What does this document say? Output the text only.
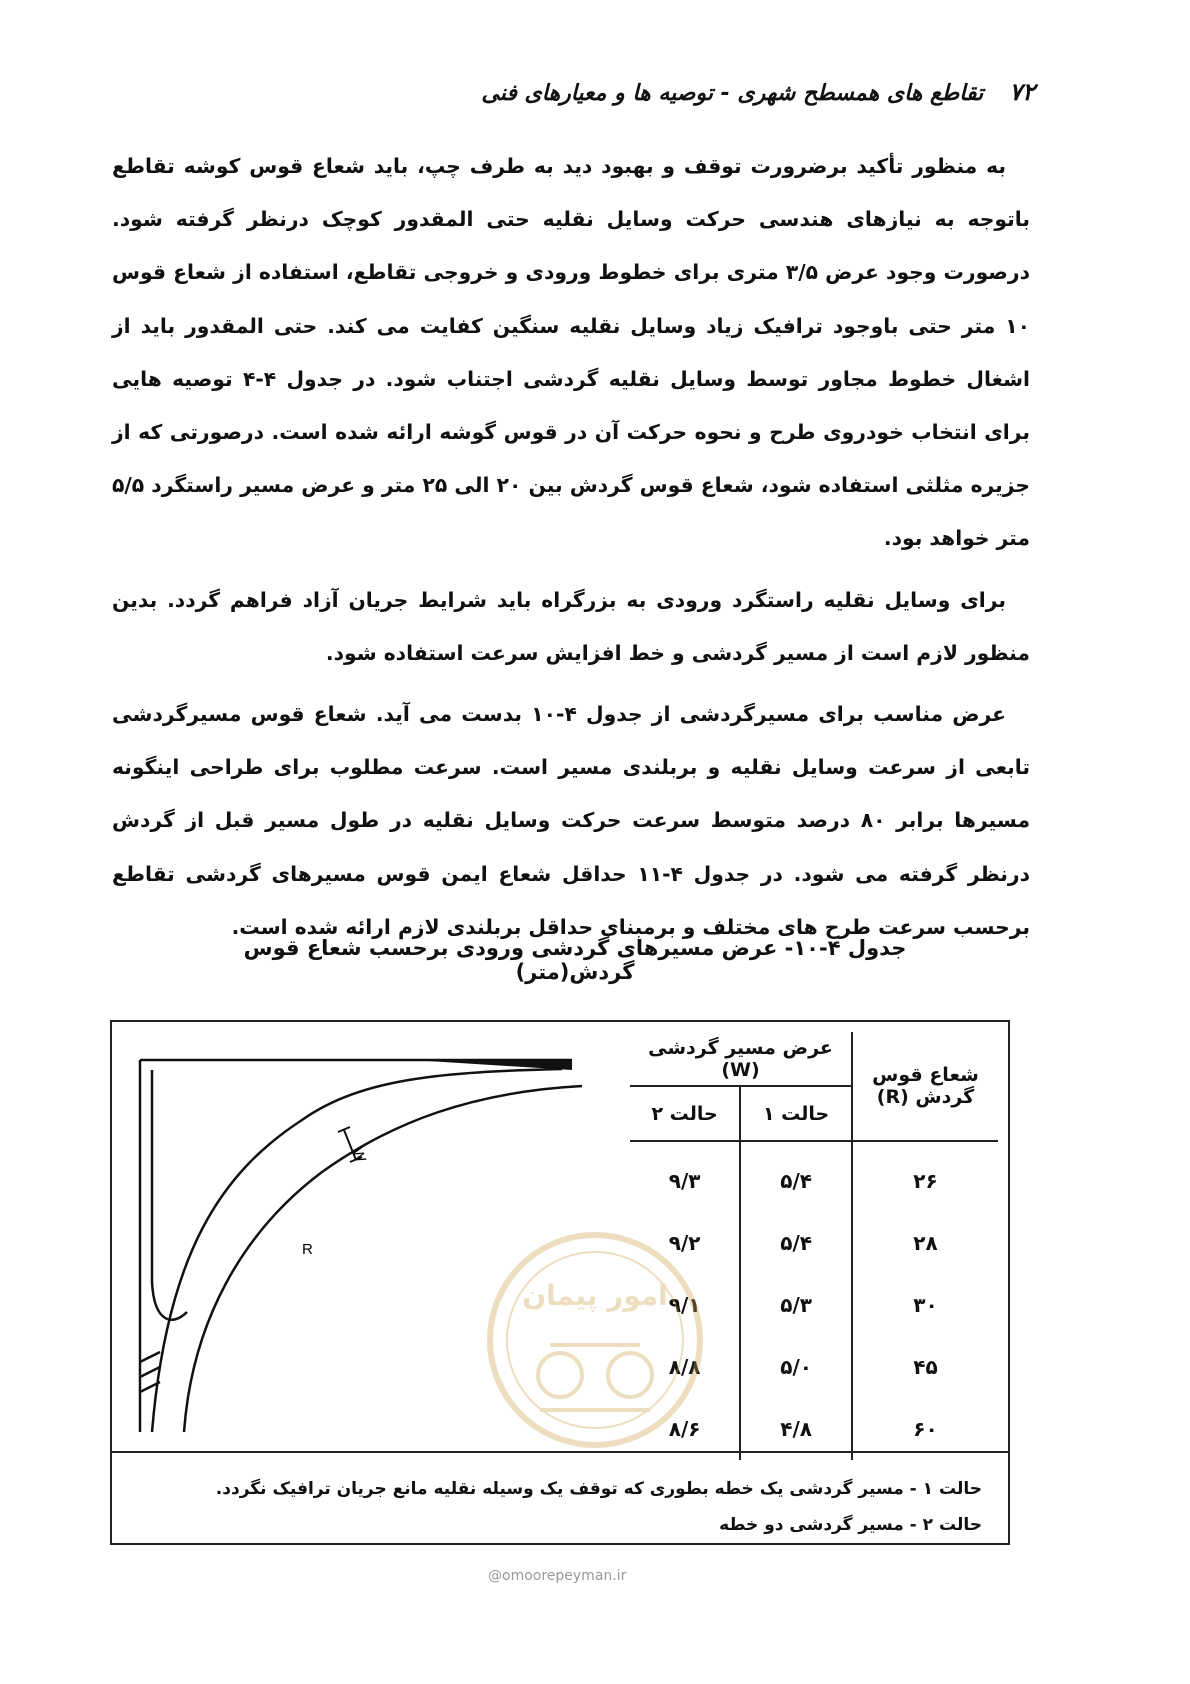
۷۲
تقاطع های همسطح شهری - توصیه ها و معیارهای فنی

به منظور تأکید برضرورت توقف و بهبود دید به طرف چپ، باید شعاع قوس کوشه تقاطع باتوجه به نیازهای هندسی حرکت وسایل نقلیه حتی المقدور کوچک درنظر گرفته شود. درصورت وجود عرض ۳/۵ متری برای خطوط ورودی و خروجی تقاطع، استفاده از شعاع قوس ۱۰ متر حتی باوجود ترافیک زیاد وسایل نقلیه سنگین کفایت می کند. حتی المقدور باید از اشغال خطوط مجاور توسط وسایل نقلیه گردشی اجتناب شود. در جدول ۴-۴ توصیه هایی برای انتخاب خودروی طرح و نحوه حرکت آن در قوس گوشه ارائه شده است. درصورتی که از جزیره مثلثی استفاده شود، شعاع قوس گردش بین ۲۰ الی ۲۵ متر و عرض مسیر راستگرد ۵/۵ متر خواهد بود.

برای وسایل نقلیه راستگرد ورودی به بزرگراه باید شرایط جریان آزاد فراهم گردد. بدین منظور لازم است از مسیر گردشی و خط افزایش سرعت استفاده شود.

عرض مناسب برای مسیرگردشی از جدول ۴-۱۰ بدست می آید. شعاع قوس مسیرگردشی تابعی از سرعت وسایل نقلیه و بربلندی مسیر است. سرعت مطلوب برای طراحی اینگونه مسیرها برابر ۸۰ درصد متوسط سرعت حرکت وسایل نقلیه در طول مسیر قبل از گردش درنظر گرفته می شود. در جدول ۴-۱۱ حداقل شعاع ایمن قوس مسیرهای گردشی تقاطع برحسب سرعت طرح های مختلف و برمبنای حداقل بربلندی لازم ارائه شده است.

جدول ۴-۱۰- عرض مسیرهای گردشی ورودی برحسب شعاع قوس گردش(متر)
W
R
شعاع قوس
گردش (R)	عرض مسیر گردشی (W)	
	حالت ۱	حالت ۲
۲۶	۵/۴	۹/۳
۲۸	۵/۴	۹/۲
۳۰	۵/۳	۹/۱
۴۵	۵/۰	۸/۸
۶۰	۴/۸	۸/۶
حالت ۱ - مسیر گردشی یک خطه بطوری که توقف یک وسیله نقلیه مانع جریان ترافیک نگردد.
حالت ۲ - مسیر گردشی دو خطه
امور پیمان
@omoorepeyman.ir
